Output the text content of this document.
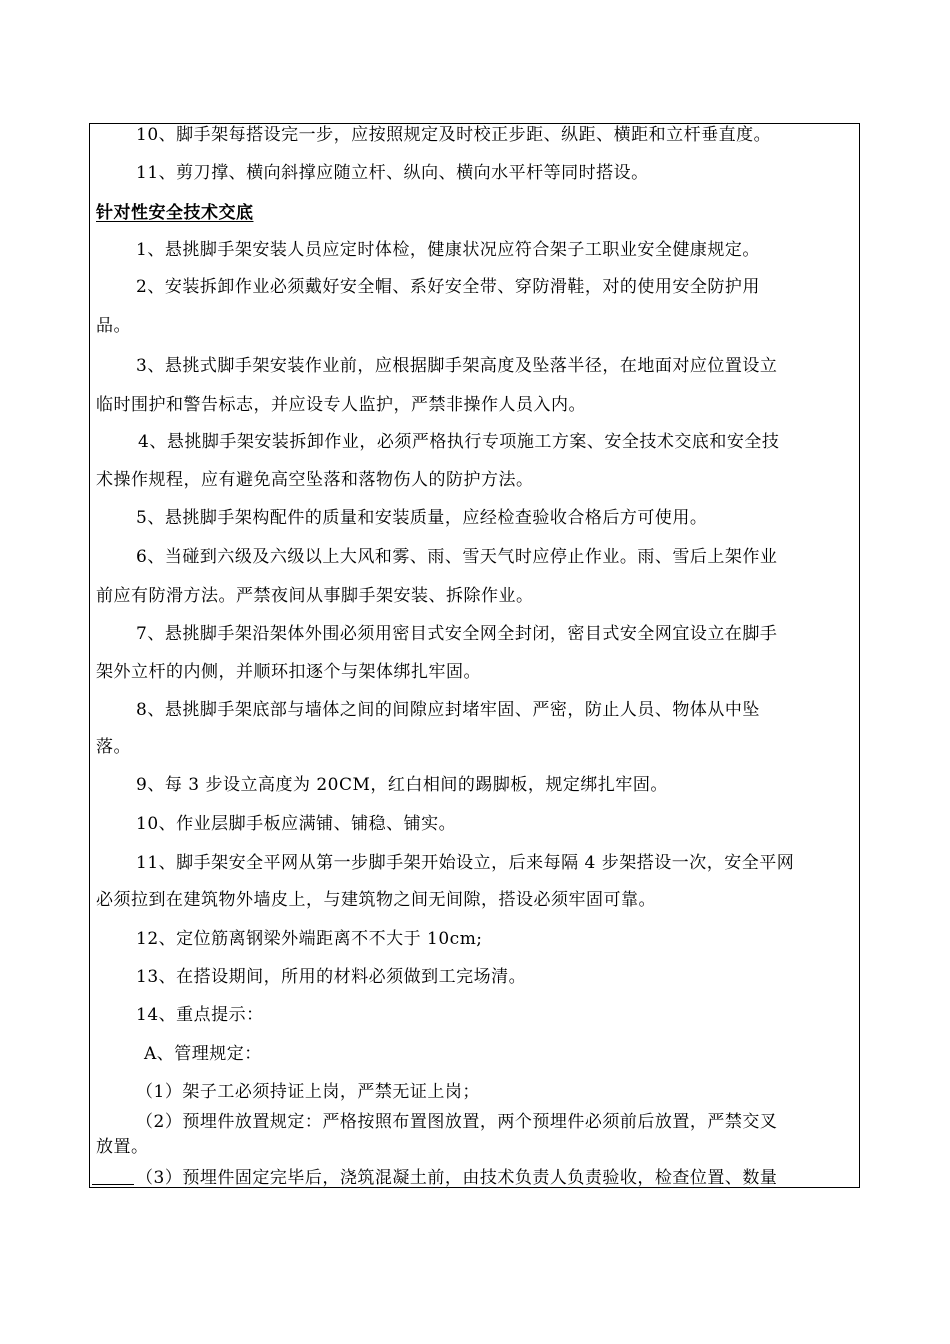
10、脚手架每搭设完一步，应按照规定及时校正步距、纵距、横距和立杆垂直度。
11、剪刀撑、横向斜撑应随立杆、纵向、横向水平杆等同时搭设。
针对性安全技术交底
1、悬挑脚手架安装人员应定时体检，健康状况应符合架子工职业安全健康规定。
2、安装拆卸作业必须戴好安全帽、系好安全带、穿防滑鞋，对的使用安全防护用
品。
3、悬挑式脚手架安装作业前，应根据脚手架高度及坠落半径，在地面对应位置设立
临时围护和警告标志，并应设专人监护，严禁非操作人员入内。
4、悬挑脚手架安装拆卸作业，必须严格执行专项施工方案、安全技术交底和安全技
术操作规程，应有避免高空坠落和落物伤人的防护方法。
5、悬挑脚手架构配件的质量和安装质量，应经检查验收合格后方可使用。
6、当碰到六级及六级以上大风和雾、雨、雪天气时应停止作业。雨、雪后上架作业
前应有防滑方法。严禁夜间从事脚手架安装、拆除作业。
7、悬挑脚手架沿架体外围必须用密目式安全网全封闭，密目式安全网宜设立在脚手
架外立杆的内侧，并顺环扣逐个与架体绑扎牢固。
8、悬挑脚手架底部与墙体之间的间隙应封堵牢固、严密，防止人员、物体从中坠
落。
9、每 3 步设立高度为 20CM，红白相间的踢脚板，规定绑扎牢固。
10、作业层脚手板应满铺、铺稳、铺实。
11、脚手架安全平网从第一步脚手架开始设立，后来每隔 4 步架搭设一次，安全平网
必须拉到在建筑物外墙皮上，与建筑物之间无间隙，搭设必须牢固可靠。
12、定位筋离钢梁外端距离不不大于 10cm;
13、在搭设期间，所用的材料必须做到工完场清。
14、重点提示：
A、管理规定：
（1）架子工必须持证上岗，严禁无证上岗；
（2）预埋件放置规定：严格按照布置图放置，两个预埋件必须前后放置，严禁交叉
放置。
（3）预埋件固定完毕后，浇筑混凝土前，由技术负责人负责验收，检查位置、数量
